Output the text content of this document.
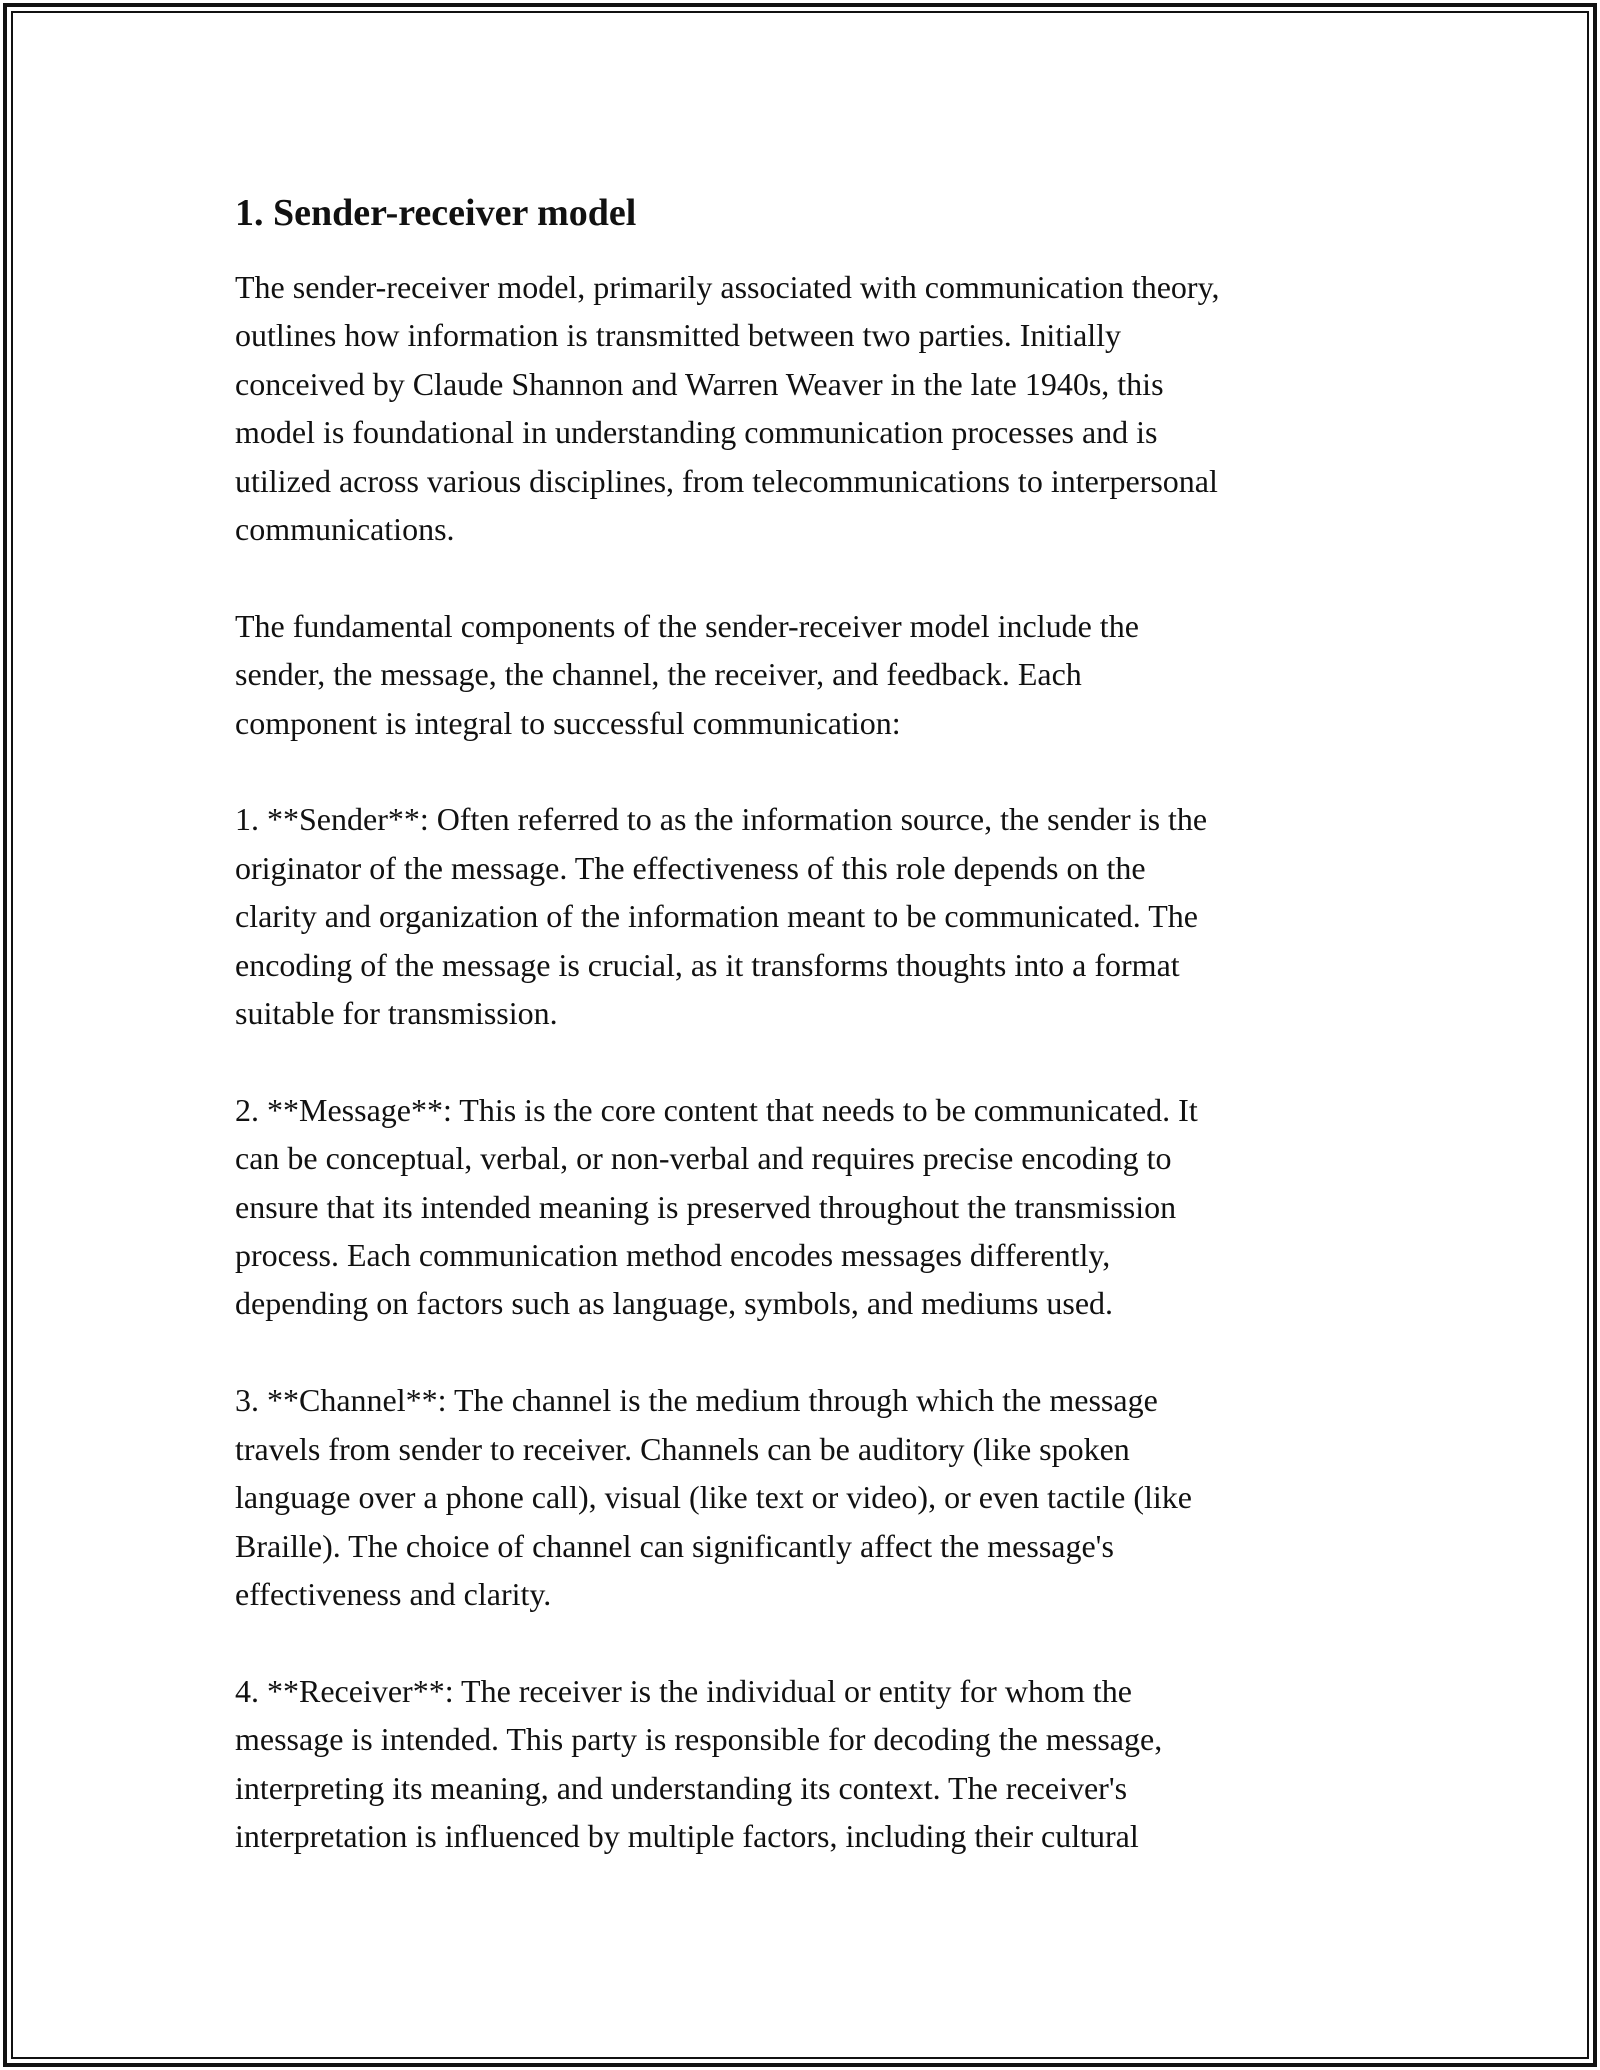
1. Sender-receiver model

The sender-receiver model, primarily associated with communication theory,
outlines how information is transmitted between two parties. Initially
conceived by Claude Shannon and Warren Weaver in the late 1940s, this
model is foundational in understanding communication processes and is
utilized across various disciplines, from telecommunications to interpersonal
communications.

The fundamental components of the sender-receiver model include the
sender, the message, the channel, the receiver, and feedback. Each
component is integral to successful communication:

1. **Sender**: Often referred to as the information source, the sender is the
originator of the message. The effectiveness of this role depends on the
clarity and organization of the information meant to be communicated. The
encoding of the message is crucial, as it transforms thoughts into a format
suitable for transmission.

2. **Message**: This is the core content that needs to be communicated. It
can be conceptual, verbal, or non-verbal and requires precise encoding to
ensure that its intended meaning is preserved throughout the transmission
process. Each communication method encodes messages differently,
depending on factors such as language, symbols, and mediums used.

3. **Channel**: The channel is the medium through which the message
travels from sender to receiver. Channels can be auditory (like spoken
language over a phone call), visual (like text or video), or even tactile (like
Braille). The choice of channel can significantly affect the message's
effectiveness and clarity.

4. **Receiver**: The receiver is the individual or entity for whom the
message is intended. This party is responsible for decoding the message,
interpreting its meaning, and understanding its context. The receiver's
interpretation is influenced by multiple factors, including their cultural
